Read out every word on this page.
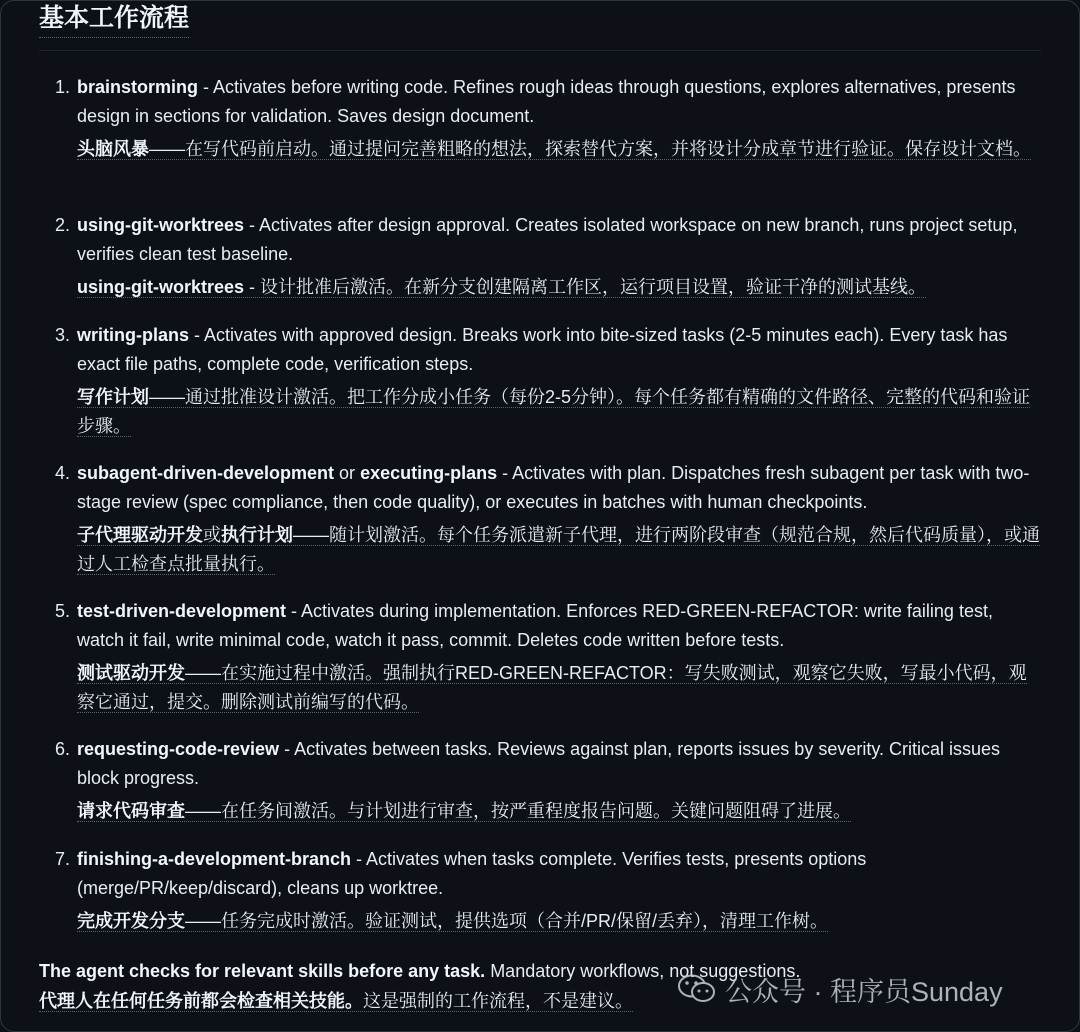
基本工作流程
1. brainstorming - Activates before writing code. Refines rough ideas through questions, explores alternatives, presents design in sections for validation. Saves design document.
头脑风暴——在写代码前启动。通过提问完善粗略的想法，探索替代方案，并将设计分成章节进行验证。保存设计文档。
2. using-git-worktrees - Activates after design approval. Creates isolated workspace on new branch, runs project setup, verifies clean test baseline.
using-git-worktrees - 设计批准后激活。在新分支创建隔离工作区，运行项目设置，验证干净的测试基线。
3. writing-plans - Activates with approved design. Breaks work into bite-sized tasks (2-5 minutes each). Every task has exact file paths, complete code, verification steps.
写作计划——通过批准设计激活。把工作分成小任务（每份2-5分钟）。每个任务都有精确的文件路径、完整的代码和验证步骤。
4. subagent-driven-development or executing-plans - Activates with plan. Dispatches fresh subagent per task with two-stage review (spec compliance, then code quality), or executes in batches with human checkpoints.
子代理驱动开发或执行计划——随计划激活。每个任务派遣新子代理，进行两阶段审查（规范合规，然后代码质量），或通过人工检查点批量执行。
5. test-driven-development - Activates during implementation. Enforces RED-GREEN-REFACTOR: write failing test, watch it fail, write minimal code, watch it pass, commit. Deletes code written before tests.
测试驱动开发——在实施过程中激活。强制执行RED-GREEN-REFACTOR：写失败测试，观察它失败，写最小代码，观察它通过，提交。删除测试前编写的代码。
6. requesting-code-review - Activates between tasks. Reviews against plan, reports issues by severity. Critical issues block progress.
请求代码审查——在任务间激活。与计划进行审查，按严重程度报告问题。关键问题阻碍了进展。
7. finishing-a-development-branch - Activates when tasks complete. Verifies tests, presents options (merge/PR/keep/discard), cleans up worktree.
完成开发分支——任务完成时激活。验证测试，提供选项（合并/PR/保留/丢弃），清理工作树。
The agent checks for relevant skills before any task. Mandatory workflows, not suggestions.
代理人在任何任务前都会检查相关技能。这是强制的工作流程，不是建议。	公众号 · 程序员Sunday
